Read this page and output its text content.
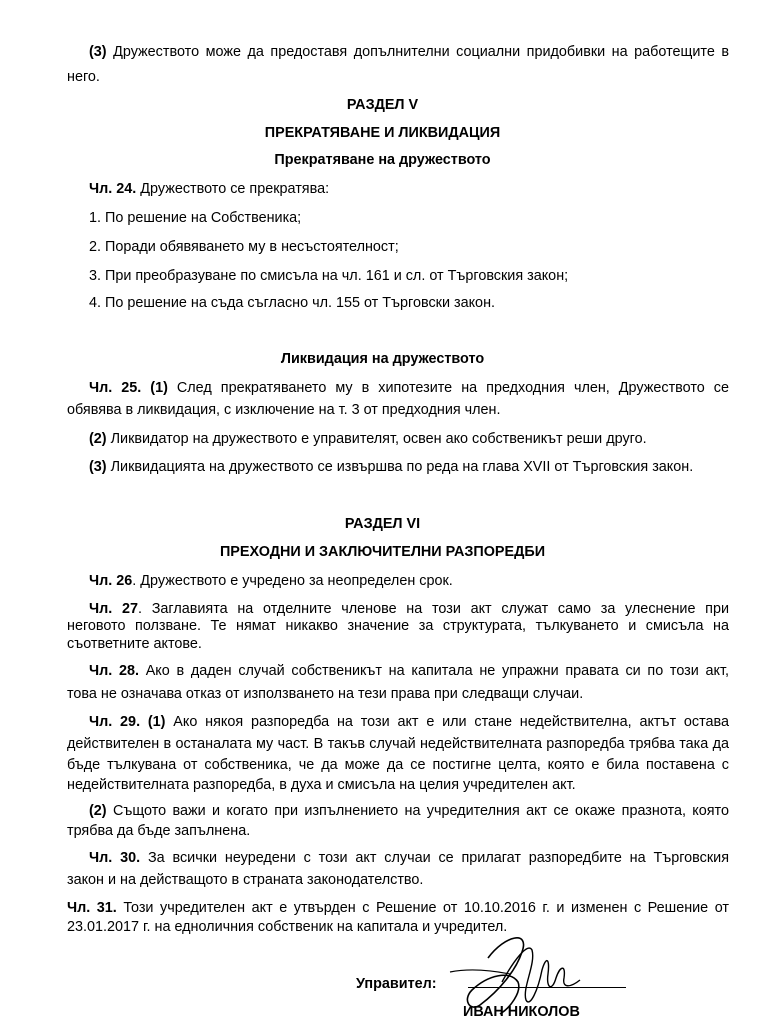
(3) Дружеството може да предоставя допълнителни социални придобивки на работещите в
него.
РАЗДЕЛ V
ПРЕКРАТЯВАНЕ И ЛИКВИДАЦИЯ
Прекратяване на дружеството
Чл. 24. Дружеството се прекратява:
1. По решение на Собственика;
2. Поради обявяването му в несъстоятелност;
3. При преобразуване по смисъла на чл. 161 и сл. от Търговския закон;
4. По решение на съда съгласно чл. 155 от Търговски закон.
Ликвидация на дружеството
Чл. 25. (1) След прекратяването му в хипотезите на предходния член, Дружеството се
обявява в ликвидация, с изключение на т. 3 от предходния член.
(2) Ликвидатор на дружеството е управителят, освен ако собственикът реши друго.
(3) Ликвидацията на дружеството се извършва по реда на глава XVII от Търговския закон.
РАЗДЕЛ VI
ПРЕХОДНИ И ЗАКЛЮЧИТЕЛНИ РАЗПОРЕДБИ
Чл. 26. Дружеството е учредено за неопределен срок.
Чл. 27. Заглавията на отделните членове на този акт служат само за улеснение при
неговото ползване. Те нямат никакво значение за структурата, тълкуването и смисъла на
съответните актове.
Чл. 28. Ако в даден случай собственикът на капитала не упражни правата си по този акт,
това не означава отказ от използването на тези права при следващи случаи.
Чл. 29. (1) Ако някоя разпоредба на този акт е или стане недействителна, актът остава
действителен в останалата му част. В такъв случай недействителната разпоредба трябва така да
бъде тълкувана от собственика, че да може да се постигне целта, която е била поставена с
недействителната разпоредба, в духа и смисъла на целия учредителен акт.
(2) Същото важи и когато при изпълнението на учредителния акт се окаже празнота, която
трябва да бъде запълнена.
Чл. 30. За всички неуредени с този акт случаи се прилагат разпоредбите на Търговския
закон и на действащото в страната законодателство.
Чл. 31. Този учредителен акт е утвърден с Решение от 10.10.2016 г. и изменен с Решение от
23.01.2017 г. на едноличния собственик на капитала и учредител.
Управител:
ИВАН НИКОЛОВ
